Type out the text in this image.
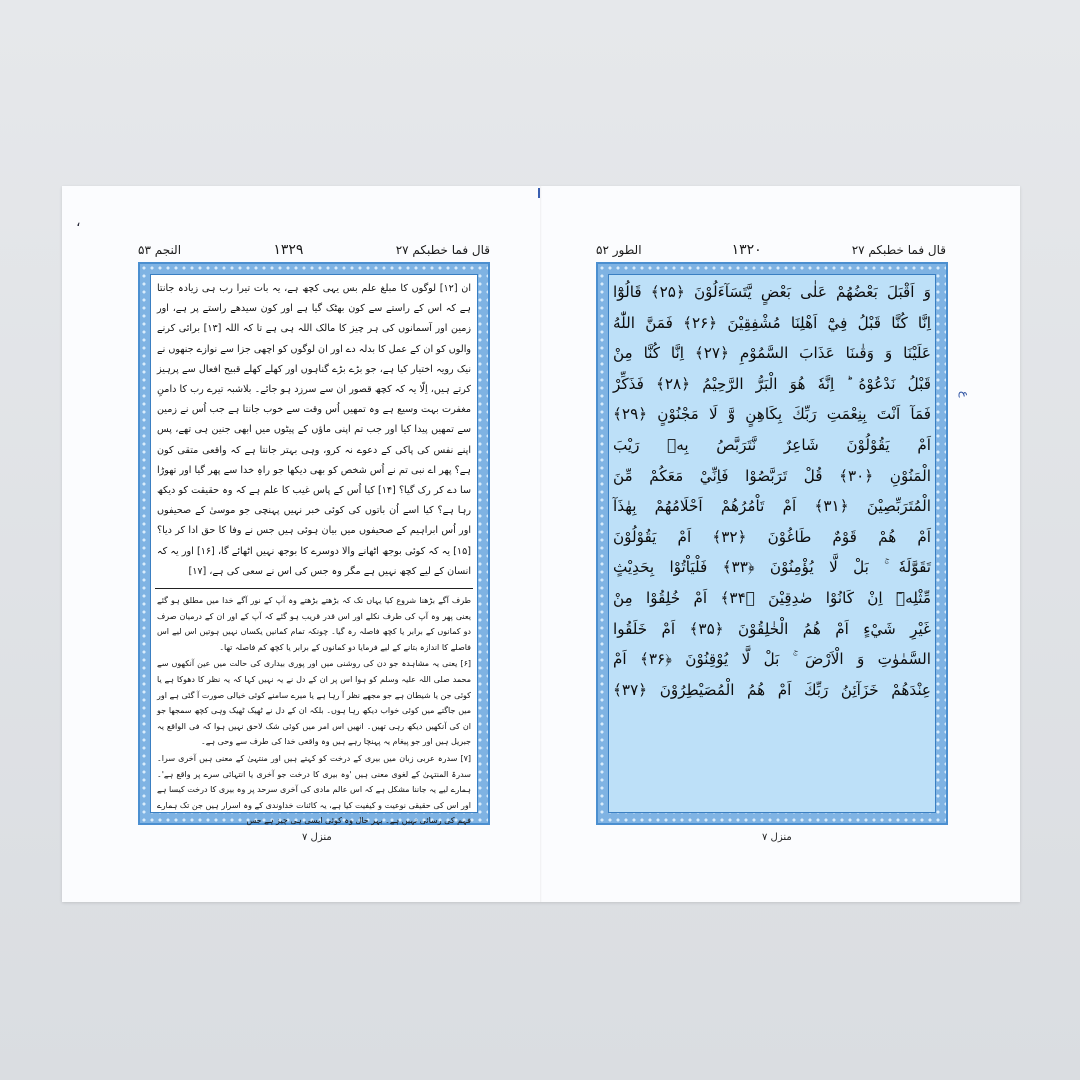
،
النجم ۵۳	۱۳۲۹	قال فما خطبكم ۲۷

ان [۱۲] لوگوں کا مبلغ علم بس یہی کچھ ہے، یہ بات تیرا رب ہی زیادہ جانتا ہے کہ اس کے راستے سے کون بھٹک گیا ہے اور کون سیدھے راستے پر ہے، اور زمین اور آسمانوں کی ہر چیز کا مالک اللہ ہی ہے تا کہ اللہ [۱۳] برائی کرنے والوں کو ان کے عمل کا بدلہ دے اور ان لوگوں کو اچھی جزا سے نوازے جنھوں نے نیک رویہ اختیار کیا ہے، جو بڑے بڑے گناہوں اور کھلے کھلے قبیح افعال سے پرہیز کرتے ہیں، اِلّا یہ کہ کچھ قصور ان سے سرزد ہو جائے۔ بلاشبہ تیرے رب کا دامنِ مغفرت بہت وسیع ہے وہ تمھیں اُس وقت سے خوب جانتا ہے جب اُس نے زمین سے تمھیں پیدا کیا اور جب تم اپنی ماؤں کے پیٹوں میں ابھی جنین ہی تھے، پس اپنے نفس کی پاکی کے دعوے نہ کرو، وہی بہتر جانتا ہے کہ واقعی متقی کون ہے؟ پھر اے نبی تم نے اُس شخص کو بھی دیکھا جو راہِ خدا سے پھر گیا اور تھوڑا سا دے کر رک گیا؟ [۱۴] کیا اُس کے پاس غیب کا علم ہے کہ وہ حقیقت کو دیکھ رہا ہے؟ کیا اسے اُن باتوں کی کوئی خبر نہیں پہنچی جو موسیٰ کے صحیفوں اور اُس ابراہیم کے صحیفوں میں بیان ہوئی ہیں جس نے وفا کا حق ادا کر دیا؟ [۱۵] یہ کہ کوئی بوجھ اٹھانے والا دوسرے کا بوجھ نہیں اٹھائے گا، [۱۶] اور یہ کہ انسان کے لیے کچھ نہیں ہے مگر وہ جس کی اس نے سعی کی ہے، [۱۷]

طرف آگے بڑھنا شروع کیا یہاں تک کہ بڑھتے بڑھتے وہ آپ کے نور آگے خدا میں مطلق ہو گئے یعنی پھر وہ آپ کی طرف نکلے اور اس قدر قریب ہو گئے کہ آپ کے اور ان کے درمیان صرف دو کمانوں کے برابر یا کچھ فاصلہ رہ گیا۔ چونکہ تمام کمانیں یکساں نہیں ہوتیں اس لیے اس فاصلے کا اندازہ بتانے کے لیے فرمایا دو کمانوں کے برابر یا کچھ کم فاصلہ تھا۔

[۶] یعنی یہ مشاہدہ جو دن کی روشنی میں اور پوری بیداری کی حالت میں عین آنکھوں سے محمد صلی اللہ علیہ وسلم کو ہوا اس پر ان کے دل نے یہ نہیں کہا کہ یہ نظر کا دھوکا ہے یا کوئی جن یا شیطان ہے جو مجھے نظر آ رہا ہے یا میرے سامنے کوئی خیالی صورت آ گئی ہے اور میں جاگتے میں کوئی خواب دیکھ رہا ہوں۔ بلکہ ان کے دل نے ٹھیک ٹھیک وہی کچھ سمجھا جو ان کی آنکھیں دیکھ رہی تھیں۔ انھیں اس امر میں کوئی شک لاحق نہیں ہوا کہ فی الواقع یہ جبریل ہیں اور جو پیغام یہ پہنچا رہے ہیں وہ واقعی خدا کی طرف سے وحی ہے۔

[۷] سدرہ عربی زبان میں بیری کے درخت کو کہتے ہیں اور منتہیٰ کے معنی ہیں آخری سرا۔ سدرۃ المنتہیٰ کے لغوی معنی ہیں 'وہ بیری کا درخت جو آخری یا انتہائی سرے پر واقع ہے'۔ ہمارے لیے یہ جاننا مشکل ہے کہ اس عالم مادی کی آخری سرحد پر وہ بیری کا درخت کیسا ہے اور اس کی حقیقی نوعیت و کیفیت کیا ہے، یہ کائنات خداوندی کے وہ اسرار ہیں جن تک ہمارے فہم کی رسائی نہیں ہے۔ بہر حال وہ کوئی ایسی ہی چیز ہے جس

منزل ۷
الطور ۵۲	۱۳۲۰	قال فما خطبكم ۲۷
وَ اَقْبَلَ بَعْضُهُمْ عَلٰى بَعْضٍ يَّتَسَآءَلُوْنَ ﴿۲۵﴾ قَالُوْٓا
اِنَّا كُنَّا قَبْلُ فِيْٓ اَهْلِنَا مُشْفِقِيْنَ ﴿۲۶﴾ فَمَنَّ اللّٰهُ
عَلَيْنَا وَ وَقٰىنَا عَذَابَ السَّمُوْمِ ﴿۲۷﴾ اِنَّا كُنَّا مِنْ
قَبْلُ نَدْعُوْهُ ؕ اِنَّهٗ هُوَ الْبَرُّ الرَّحِيْمُ ﴿۲۸﴾ فَذَكِّرْ
فَمَآ اَنْتَ بِنِعْمَتِ رَبِّكَ بِكَاهِنٍ وَّ لَا مَجْنُوْنٍ ﴿۲۹﴾
اَمْ يَقُوْلُوْنَ شَاعِرٌ نَّتَرَبَّصُ بِهٖ رَيْبَ
الْمَنُوْنِ ﴿۳۰﴾ قُلْ تَرَبَّصُوْا فَاِنِّيْ مَعَكُمْ مِّنَ
الْمُتَرَبِّصِيْنَ ﴿۳۱﴾ اَمْ تَاْمُرُهُمْ اَحْلَامُهُمْ بِهٰذَآ
اَمْ هُمْ قَوْمٌ طَاغُوْنَ ﴿۳۲﴾ اَمْ يَقُوْلُوْنَ
تَقَوَّلَهٗ ۚ بَلْ لَّا يُؤْمِنُوْنَ ﴿۳۳﴾ فَلْيَاْتُوْا بِحَدِيْثٍ
مِّثْلِهٖٓ اِنْ كَانُوْا صٰدِقِيْنَ ﴿۳۴﴾ اَمْ خُلِقُوْا مِنْ
غَيْرِ شَيْءٍ اَمْ هُمُ الْخٰلِقُوْنَ ﴿۳۵﴾ اَمْ خَلَقُوا
السَّمٰوٰتِ وَ الْاَرْضَ ۚ بَلْ لَّا يُوْقِنُوْنَ ﴿۳۶﴾ اَمْ
عِنْدَهُمْ خَزَآئِنُ رَبِّكَ اَمْ هُمُ الْمُصَيْطِرُوْنَ ﴿۳۷﴾
ع
منزل ۷
